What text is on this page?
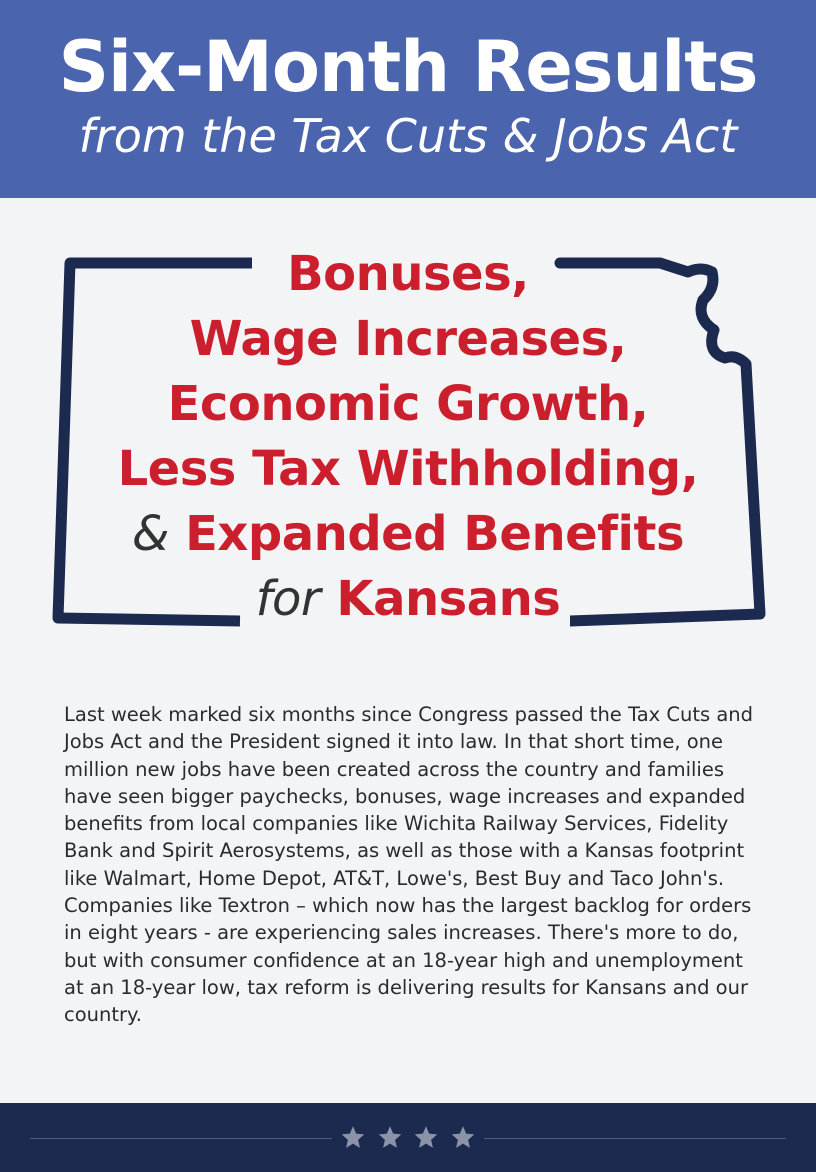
Six-Month Results
from the Tax Cuts & Jobs Act
Bonuses,
Wage Increases,
Economic Growth,
Less Tax Withholding,
& Expanded Benefits
for Kansans

Last week marked six months since Congress passed the Tax Cuts and Jobs Act and the President signed it into law. In that short time, one million new jobs have been created across the country and families have seen bigger paychecks, bonuses, wage increases and expanded benefits from local companies like Wichita Railway Services, Fidelity Bank and Spirit Aerosystems, as well as those with a Kansas footprint like Walmart, Home Depot, AT&T, Lowe's, Best Buy and Taco John's. Companies like Textron – which now has the largest backlog for orders in eight years - are experiencing sales increases. There's more to do, but with consumer confidence at an 18-year high and unemployment at an 18-year low, tax reform is delivering results for Kansans and our country.
